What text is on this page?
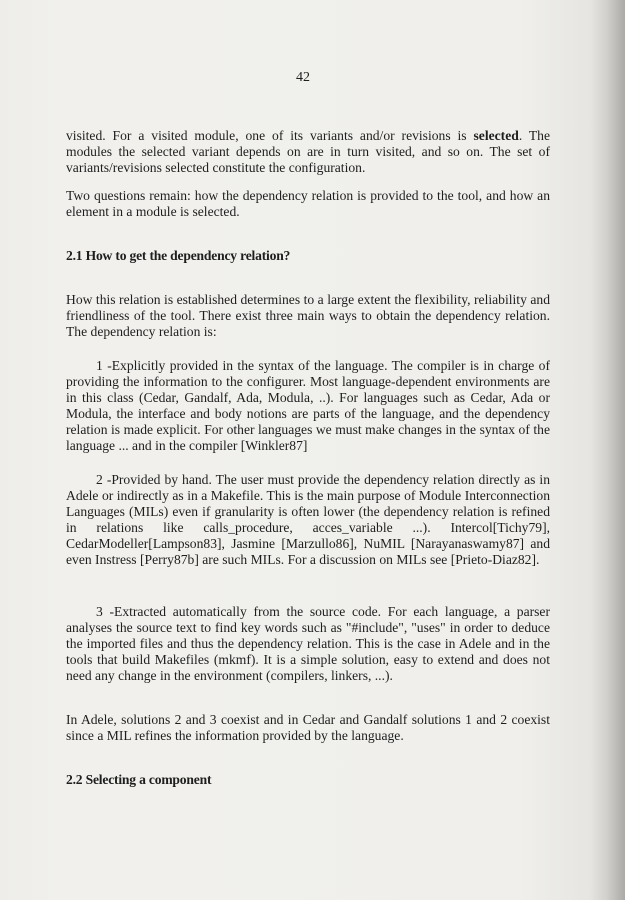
42

visited. For a visited module, one of its variants and/or revisions is selected. The modules the selected variant depends on are in turn visited, and so on. The set of variants/revisions selected constitute the configuration.

Two questions remain: how the dependency relation is provided to the tool, and how an element in a module is selected.

2.1 How to get the dependency relation?

How this relation is established determines to a large extent the flexibility, reliability and friendliness of the tool. There exist three main ways to obtain the dependency relation. The dependency relation is:

1 -Explicitly provided in the syntax of the language. The compiler is in charge of providing the information to the configurer. Most language-dependent environments are in this class (Cedar, Gandalf, Ada, Modula, ..). For languages such as Cedar, Ada or Modula, the interface and body notions are parts of the language, and the dependency relation is made explicit. For other languages we must make changes in the syntax of the language ... and in the compiler [Winkler87]

2 -Provided by hand. The user must provide the dependency relation directly as in Adele or indirectly as in a Makefile. This is the main purpose of Module Interconnection Languages (MILs) even if granularity is often lower (the dependency relation is refined in relations like calls_procedure, acces_variable ...). Intercol[Tichy79], CedarModeller[Lampson83], Jasmine [Marzullo86], NuMIL [Narayanaswamy87] and even Instress [Perry87b] are such MILs. For a discussion on MILs see [Prieto-Diaz82].

3 -Extracted automatically from the source code. For each language, a parser analyses the source text to find key words such as "#include", "uses" in order to deduce the imported files and thus the dependency relation. This is the case in Adele and in the tools that build Makefiles (mkmf). It is a simple solution, easy to extend and does not need any change in the environment (compilers, linkers, ...).

In Adele, solutions 2 and 3 coexist and in Cedar and Gandalf solutions 1 and 2 coexist since a MIL refines the information provided by the language.

2.2 Selecting a component
